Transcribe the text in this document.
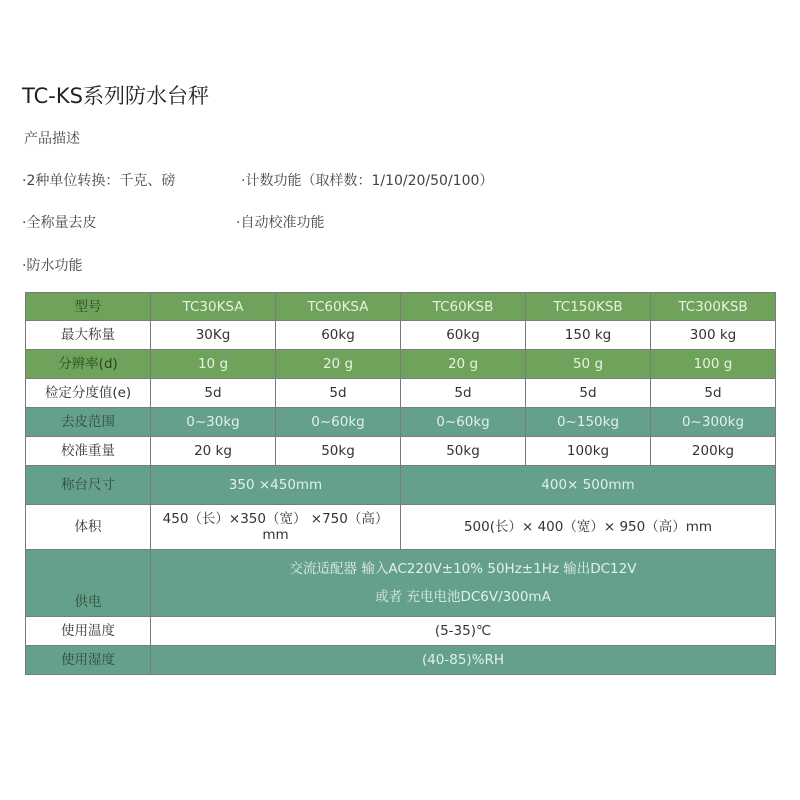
TC-KS系列防水台秤
产品描述
·2种单位转换：千克、磅	·计数功能（取样数：1/10/20/50/100）
·全称量去皮	·自动校准功能
·防水功能
型号	TC30KSA	TC60KSA	TC60KSB	TC150KSB	TC300KSB
最大称量	30Kg	60kg	60kg	150 kg	300 kg
分辨率(d)	10 g	20 g	20 g	50 g	100 g
检定分度值(e)	5d	5d	5d	5d	5d
去皮范围	0~30kg	0~60kg	0~60kg	0~150kg	0~300kg
校准重量	20 kg	50kg	50kg	100kg	200kg
称台尺寸	350 ×450mm		400× 500mm		
体积	450（长）×350（宽） ×750（高） mm		500(长）× 400（宽）× 950（高）mm		
供电	交流适配器 输入AC220V±10% 50Hz±1Hz 输出DC12V
或者 充电电池DC6V/300mA				

使用温度	(5-35)℃				
使用湿度	(40-85)%RH				
